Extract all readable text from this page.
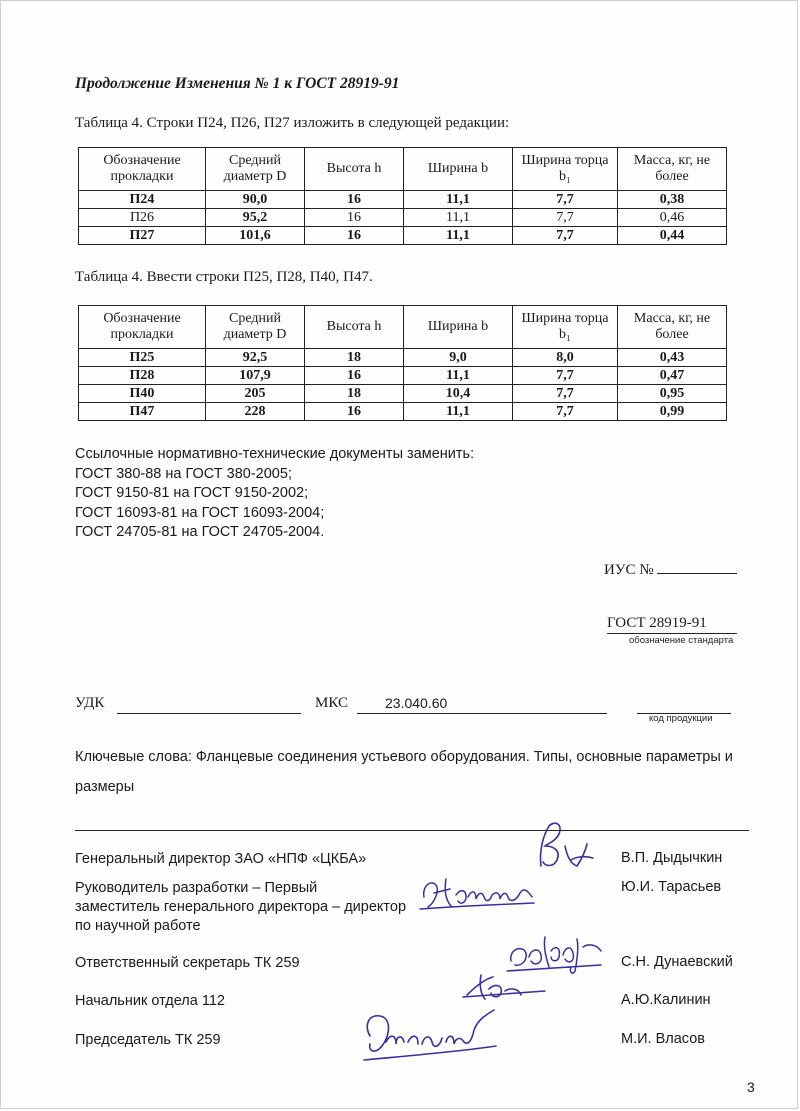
Продолжение Изменения № 1 к ГОСТ 28919-91
Таблица 4. Строки П24, П26, П27 изложить в следующей редакции:
Обозначение прокладки	Средний диаметр D	Высота h	Ширина b	Ширина торца b₁	Масса, кг, не более
П24	90,0	16	11,1	7,7	0,38
П26	95,2	16	11,1	7,7	0,46
П27	101,6	16	11,1	7,7	0,44
Таблица 4. Ввести строки П25, П28, П40, П47.
Обозначение прокладки	Средний диаметр D	Высота h	Ширина b	Ширина торца b₁	Масса, кг, не более
П25	92,5	18	9,0	8,0	0,43
П28	107,9	16	11,1	7,7	0,47
П40	205	18	10,4	7,7	0,95
П47	228	16	11,1	7,7	0,99
Ссылочные нормативно-технические документы заменить:
ГОСТ 380-88 на ГОСТ 380-2005;
ГОСТ 9150-81 на ГОСТ 9150-2002;
ГОСТ 16093-81 на ГОСТ 16093-2004;
ГОСТ 24705-81 на ГОСТ 24705-2004.
ИУС №
ГОСТ 28919-91
обозначение стандарта
УДК	МКС	23.040.60
код продукции
Ключевые слова: Фланцевые соединения устьевого оборудования. Типы, основные параметры и размеры
Генеральный директор ЗАО «НПФ «ЦКБА»	В.П. Дыдычкин
Руководитель разработки – Первый
заместитель генерального директора – директор
по научной работе
Ю.И. Тарасьев
Ответственный секретарь ТК 259	С.Н. Дунаевский
Начальник отдела 112	А.Ю.Калинин
Председатель ТК 259	М.И. Власов
3
